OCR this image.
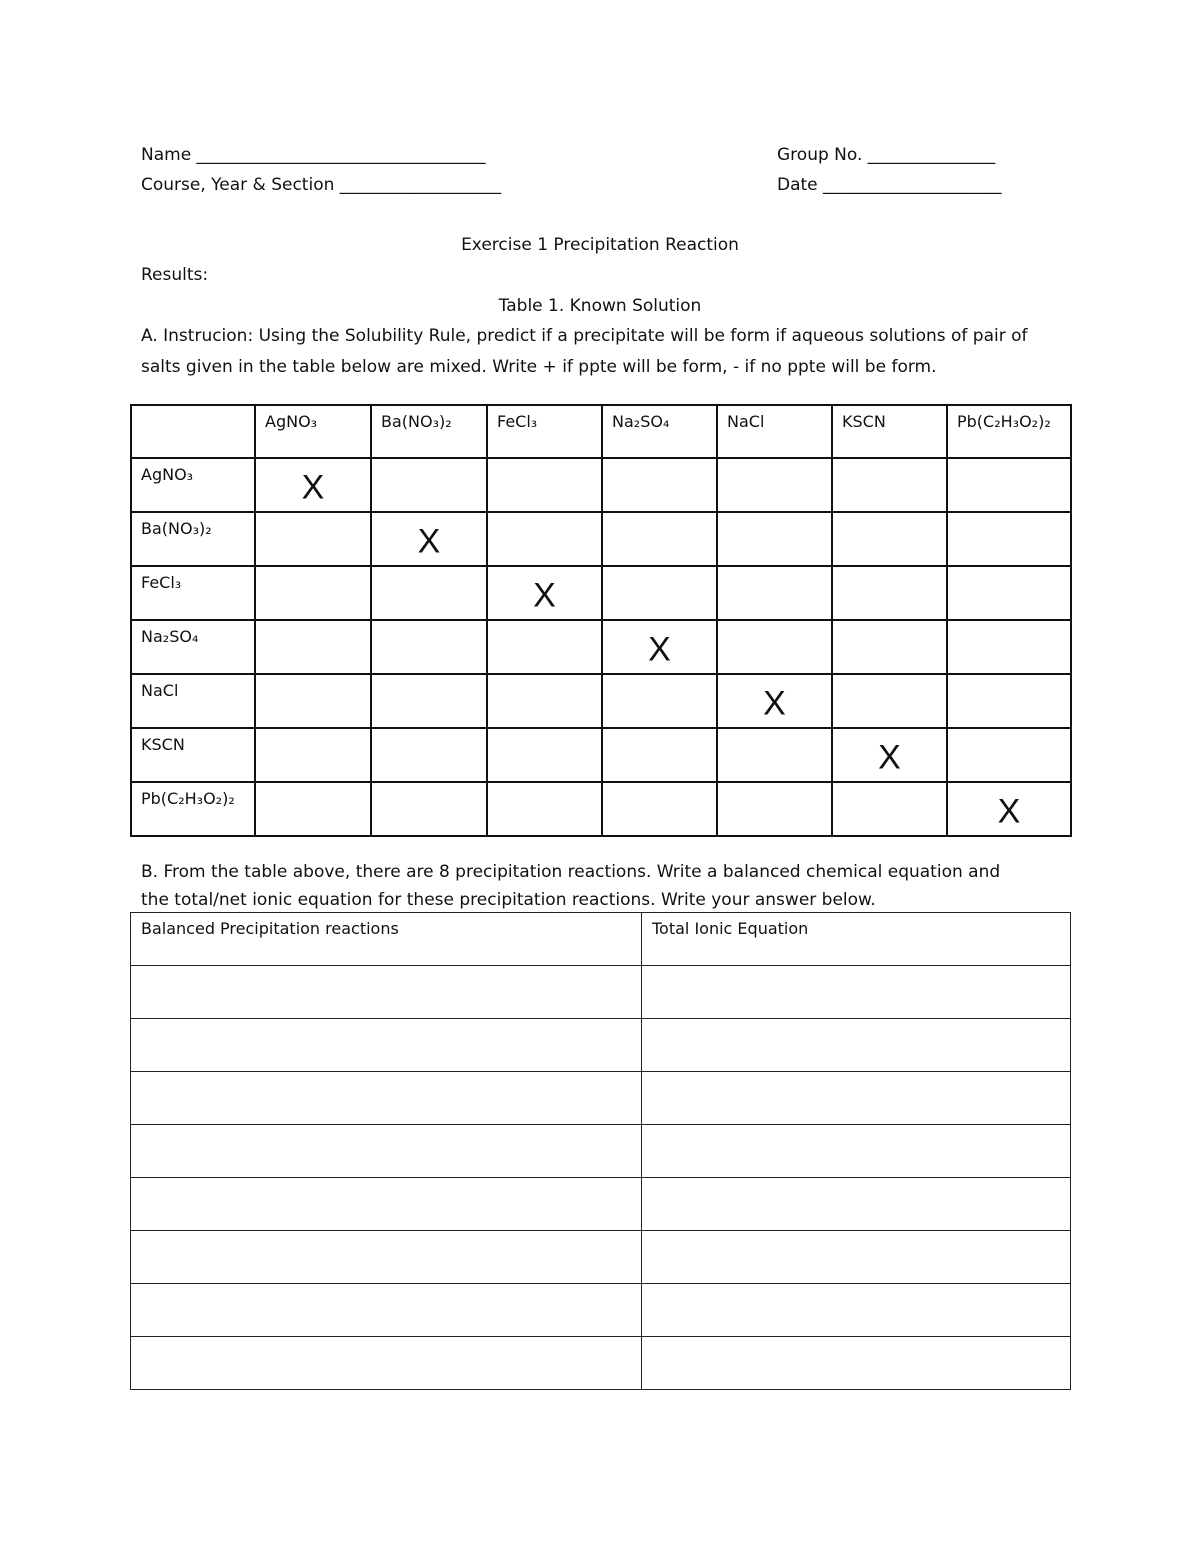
Name __________________________________
Course, Year & Section ___________________
Group No. _______________
Date _____________________
Exercise 1 Precipitation Reaction
Results:
Table 1. Known Solution
A. Instrucion: Using the Solubility Rule, predict if a precipitate will be form if aqueous solutions of pair of
salts given in the table below are mixed. Write + if ppte will be form, - if no ppte will be form.
	AgNO₃	Ba(NO₃)₂	FeCl₃	Na₂SO₄	NaCl	KSCN	Pb(C₂H₃O₂)₂
AgNO₃	X						

Ba(NO₃)₂		X					

FeCl₃			X				

Na₂SO₄				X			

NaCl					X		

KSCN						X	

Pb(C₂H₃O₂)₂							X
B. From the table above, there are 8 precipitation reactions. Write a balanced chemical equation and
the total/net ionic equation for these precipitation reactions. Write your answer below.
Balanced Precipitation reactions	Total Ionic Equation
